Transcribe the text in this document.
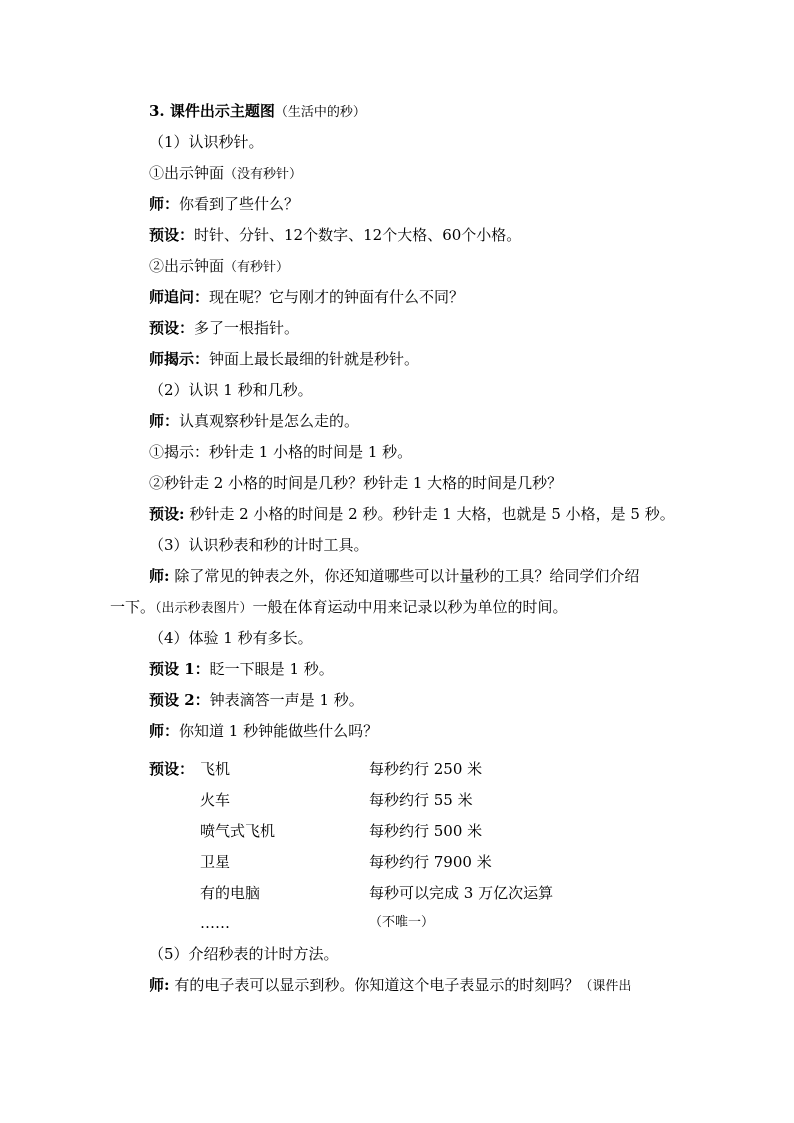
3. 课件出示主题图（生活中的秒）
（1）认识秒针。
①出示钟面（没有秒针）
师：你看到了些什么？
预设：时针、分针、12个数字、12个大格、60个小格。
②出示钟面（有秒针）
师追问：现在呢？它与刚才的钟面有什么不同？
预设：多了一根指针。
师揭示：钟面上最长最细的针就是秒针。
（2）认识 1 秒和几秒。
师：认真观察秒针是怎么走的。
①揭示：秒针走 1 小格的时间是 1 秒。
②秒针走 2 小格的时间是几秒？秒针走 1 大格的时间是几秒？
预设: 秒针走 2 小格的时间是 2 秒。秒针走 1 大格，也就是 5 小格，是 5 秒。
（3）认识秒表和秒的计时工具。
师: 除了常见的钟表之外，你还知道哪些可以计量秒的工具？给同学们介绍
一下。（出示秒表图片）一般在体育运动中用来记录以秒为单位的时间。
（4）体验 1 秒有多长。
预设 1：眨一下眼是 1 秒。
预设 2：钟表滴答一声是 1 秒。
师：你知道 1 秒钟能做些什么吗？
预设： 飞机	每秒约行 250 米
火车	每秒约行 55 米
喷气式飞机	每秒约行 500 米
卫星	每秒约行 7900 米
有的电脑	每秒可以完成 3 万亿次运算
……	（不唯一）
（5）介绍秒表的计时方法。
师: 有的电子表可以显示到秒。你知道这个电子表显示的时刻吗？（课件出
